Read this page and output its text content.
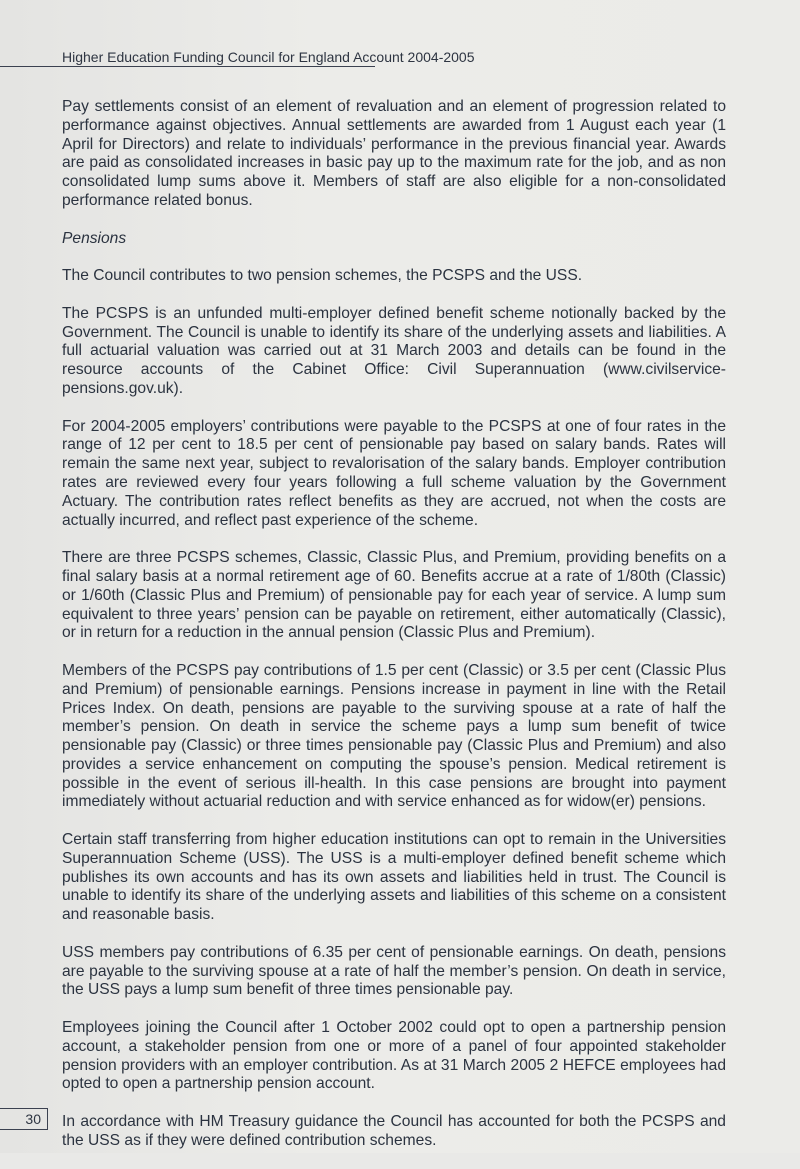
Higher Education Funding Council for England Account 2004-2005

Pay settlements consist of an element of revaluation and an element of progression related to performance against objectives. Annual settlements are awarded from 1 August each year (1 April for Directors) and relate to individuals’ performance in the previous financial year. Awards are paid as consolidated increases in basic pay up to the maximum rate for the job, and as non consolidated lump sums above it. Members of staff are also eligible for a non-consolidated performance related bonus.

Pensions

The Council contributes to two pension schemes, the PCSPS and the USS.

The PCSPS is an unfunded multi-employer defined benefit scheme notionally backed by the Government. The Council is unable to identify its share of the underlying assets and liabilities. A full actuarial valuation was carried out at 31 March 2003 and details can be found in the resource accounts of the Cabinet Office: Civil Superannuation (www.civilservice-pensions.gov.uk).

For 2004-2005 employers’ contributions were payable to the PCSPS at one of four rates in the range of 12 per cent to 18.5 per cent of pensionable pay based on salary bands. Rates will remain the same next year, subject to revalorisation of the salary bands. Employer contribution rates are reviewed every four years following a full scheme valuation by the Government Actuary. The contribution rates reflect benefits as they are accrued, not when the costs are actually incurred, and reflect past experience of the scheme.

There are three PCSPS schemes, Classic, Classic Plus, and Premium, providing benefits on a final salary basis at a normal retirement age of 60. Benefits accrue at a rate of 1/80th (Classic) or 1/60th (Classic Plus and Premium) of pensionable pay for each year of service. A lump sum equivalent to three years’ pension can be payable on retirement, either automatically (Classic), or in return for a reduction in the annual pension (Classic Plus and Premium).

Members of the PCSPS pay contributions of 1.5 per cent (Classic) or 3.5 per cent (Classic Plus and Premium) of pensionable earnings. Pensions increase in payment in line with the Retail Prices Index. On death, pensions are payable to the surviving spouse at a rate of half the member’s pension. On death in service the scheme pays a lump sum benefit of twice pensionable pay (Classic) or three times pensionable pay (Classic Plus and Premium) and also provides a service enhancement on computing the spouse’s pension. Medical retirement is possible in the event of serious ill-health. In this case pensions are brought into payment immediately without actuarial reduction and with service enhanced as for widow(er) pensions.

Certain staff transferring from higher education institutions can opt to remain in the Universities Superannuation Scheme (USS). The USS is a multi-employer defined benefit scheme which publishes its own accounts and has its own assets and liabilities held in trust. The Council is unable to identify its share of the underlying assets and liabilities of this scheme on a consistent and reasonable basis.

USS members pay contributions of 6.35 per cent of pensionable earnings. On death, pensions are payable to the surviving spouse at a rate of half the member’s pension. On death in service, the USS pays a lump sum benefit of three times pensionable pay.

Employees joining the Council after 1 October 2002 could opt to open a partnership pension account, a stakeholder pension from one or more of a panel of four appointed stakeholder pension providers with an employer contribution. As at 31 March 2005 2 HEFCE employees had opted to open a partnership pension account.

In accordance with HM Treasury guidance the Council has accounted for both the PCSPS and the USS as if they were defined contribution schemes.

30
